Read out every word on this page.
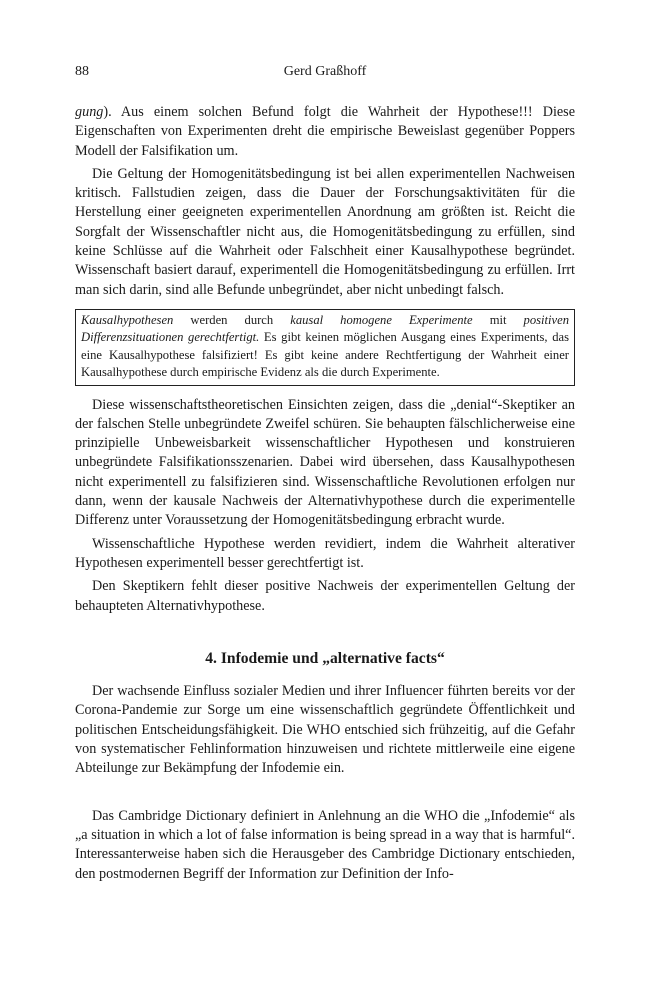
88	Gerd Graßhoff

gung). Aus einem solchen Befund folgt die Wahrheit der Hypothese!!! Diese Eigenschaften von Experimenten dreht die empirische Beweislast gegenüber Poppers Modell der Falsifikation um.

Die Geltung der Homogenitätsbedingung ist bei allen experimentellen Nachweisen kritisch. Fallstudien zeigen, dass die Dauer der Forschungsaktivitäten für die Herstellung einer geeigneten experimentellen Anordnung am größten ist. Reicht die Sorgfalt der Wissenschaftler nicht aus, die Homogenitätsbedingung zu erfüllen, sind keine Schlüsse auf die Wahrheit oder Falschheit einer Kausalhypothese begründet. Wissenschaft basiert darauf, experimentell die Homogenitätsbedingung zu erfüllen. Irrt man sich darin, sind alle Befunde unbegründet, aber nicht unbedingt falsch.

Kausalhypothesen werden durch kausal homogene Experimente mit positiven Differenzsituationen gerechtfertigt. Es gibt keinen möglichen Ausgang eines Experiments, das eine Kausalhypothese falsifiziert! Es gibt keine andere Rechtfertigung der Wahrheit einer Kausalhypothese durch empirische Evidenz als die durch Experimente.

Diese wissenschaftstheoretischen Einsichten zeigen, dass die „denial“-Skeptiker an der falschen Stelle unbegründete Zweifel schüren. Sie behaupten fälschlicherweise eine prinzipielle Unbeweisbarkeit wissenschaftlicher Hypothesen und konstruieren unbegründete Falsifikationsszenarien. Dabei wird übersehen, dass Kausalhypothesen nicht experimentell zu falsifizieren sind. Wissenschaftliche Revolutionen erfolgen nur dann, wenn der kausale Nachweis der Alternativhypothese durch die experimentelle Differenz unter Voraussetzung der Homogenitätsbedingung erbracht wurde.

Wissenschaftliche Hypothese werden revidiert, indem die Wahrheit alterativer Hypothesen experimentell besser gerechtfertigt ist.

Den Skeptikern fehlt dieser positive Nachweis der experimentellen Geltung der behaupteten Alternativhypothese.

4. Infodemie und „alternative facts“

Der wachsende Einfluss sozialer Medien und ihrer Influencer führten bereits vor der Corona-Pandemie zur Sorge um eine wissenschaftlich gegründete Öffentlichkeit und politischen Entscheidungsfähigkeit. Die WHO entschied sich frühzeitig, auf die Gefahr von systematischer Fehlinformation hinzuweisen und richtete mittlerweile eine eigene Abteilunge zur Bekämpfung der Infodemie ein.

Das Cambridge Dictionary definiert in Anlehnung an die WHO die „Infodemie“ als „a situation in which a lot of false information is being spread in a way that is harmful“. Interessanterweise haben sich die Herausgeber des Cambridge Dictionary entschieden, den postmodernen Begriff der Information zur Definition der Info-
